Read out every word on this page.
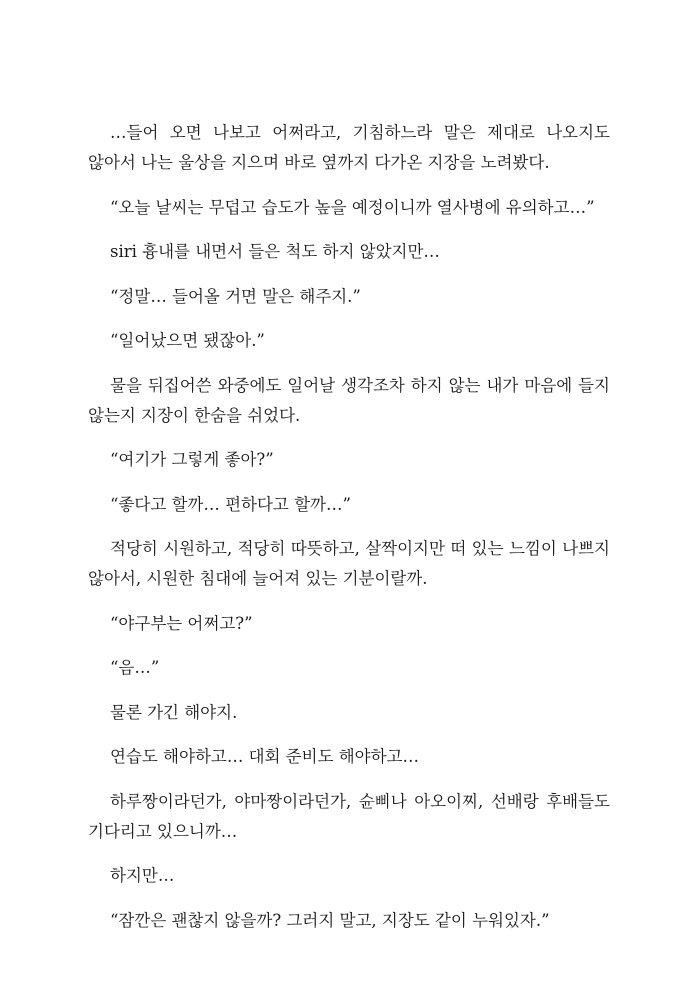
…들어 오면 나보고 어쩌라고, 기침하느라 말은 제대로 나오지도 않아서 나는 울상을 지으며 바로 옆까지 다가온 지장을 노려봤다.

“오늘 날씨는 무덥고 습도가 높을 예정이니까 열사병에 유의하고…”

siri 흉내를 내면서 들은 척도 하지 않았지만…

“정말… 들어올 거면 말은 해주지.”

“일어났으면 됐잖아.”

물을 뒤집어쓴 와중에도 일어날 생각조차 하지 않는 내가 마음에 들지 않는지 지장이 한숨을 쉬었다.

“여기가 그렇게 좋아?”

“좋다고 할까… 편하다고 할까…”

적당히 시원하고, 적당히 따뜻하고, 살짝이지만 떠 있는 느낌이 나쁘지 않아서, 시원한 침대에 늘어져 있는 기분이랄까.

“야구부는 어쩌고?”

“음…”

물론 가긴 해야지.

연습도 해야하고… 대회 준비도 해야하고…

하루짱이라던가, 야마짱이라던가, 슌삐나 아오이찌, 선배랑 후배들도 기다리고 있으니까…

하지만…

“잠깐은 괜찮지 않을까? 그러지 말고, 지장도 같이 누워있자.”
